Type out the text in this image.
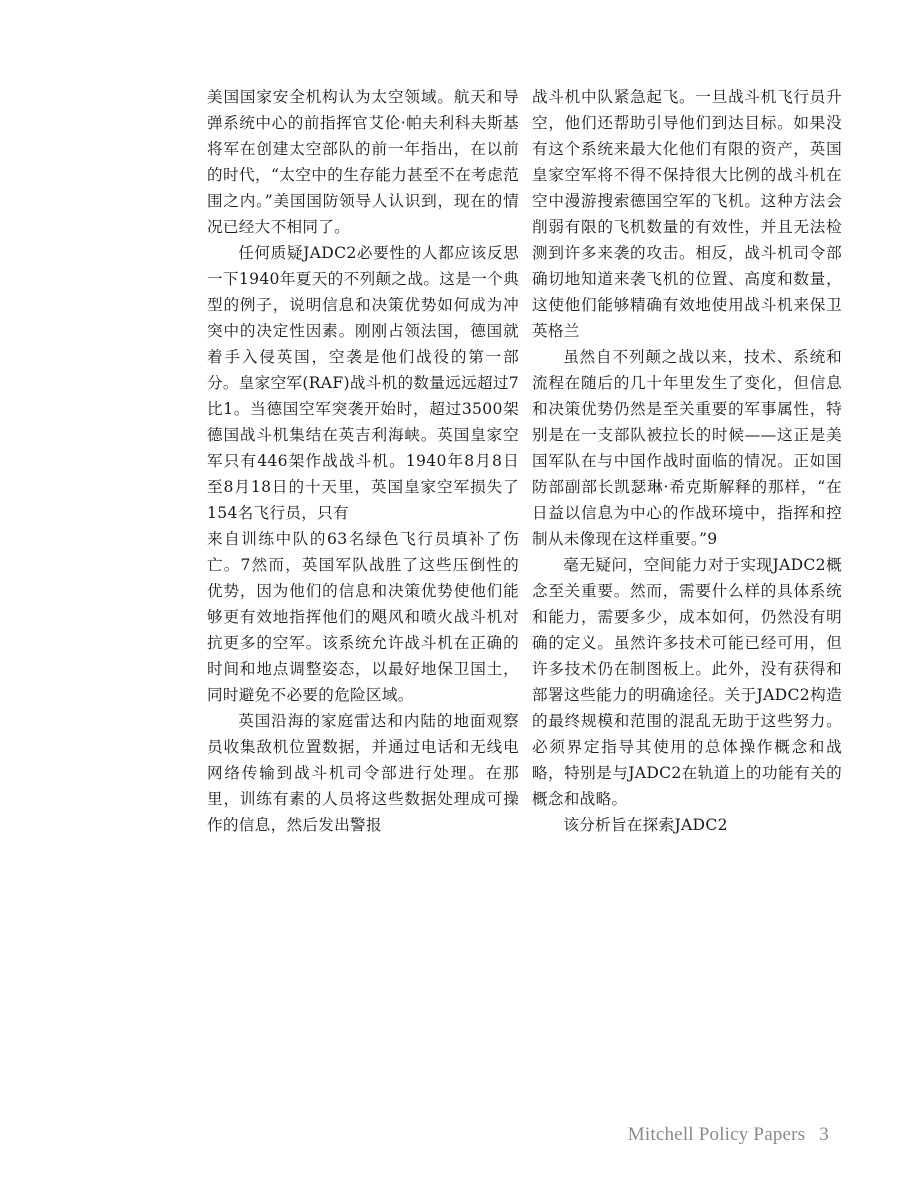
美国国家安全机构认为太空领域。航天和导弹系统中心的前指挥官艾伦·帕夫利科夫斯基将军在创建太空部队的前一年指出，在以前的时代，“太空中的生存能力甚至不在考虑范围之内。”美国国防领导人认识到，现在的情况已经大不相同了。

任何质疑JADC2必要性的人都应该反思一下1940年夏天的不列颠之战。这是一个典型的例子，说明信息和决策优势如何成为冲突中的决定性因素。刚刚占领法国，德国就着手入侵英国，空袭是他们战役的第一部分。皇家空军(RAF)战斗机的数量远远超过7比1。当德国空军突袭开始时，超过3500架德国战斗机集结在英吉利海峡。英国皇家空军只有446架作战战斗机。1940年8月8日至8月18日的十天里，英国皇家空军损失了154名飞行员，只有

来自训练中队的63名绿色飞行员填补了伤亡。7然而，英国军队战胜了这些压倒性的优势，因为他们的信息和决策优势使他们能够更有效地指挥他们的飓风和喷火战斗机对抗更多的空军。该系统允许战斗机在正确的时间和地点调整姿态，以最好地保卫国土，同时避免不必要的危险区域。

英国沿海的家庭雷达和内陆的地面观察员收集敌机位置数据，并通过电话和无线电网络传输到战斗机司令部进行处理。在那里，训练有素的人员将这些数据处理成可操作的信息，然后发出警报

战斗机中队紧急起飞。一旦战斗机飞行员升空，他们还帮助引导他们到达目标。如果没有这个系统来最大化他们有限的资产，英国皇家空军将不得不保持很大比例的战斗机在空中漫游搜索德国空军的飞机。这种方法会削弱有限的飞机数量的有效性，并且无法检测到许多来袭的攻击。相反，战斗机司令部确切地知道来袭飞机的位置、高度和数量，这使他们能够精确有效地使用战斗机来保卫英格兰

虽然自不列颠之战以来，技术、系统和流程在随后的几十年里发生了变化，但信息和决策优势仍然是至关重要的军事属性，特别是在一支部队被拉长的时候——这正是美国军队在与中国作战时面临的情况。正如国防部副部长凯瑟琳·希克斯解释的那样，“在日益以信息为中心的作战环境中，指挥和控制从未像现在这样重要。”9

毫无疑问，空间能力对于实现JADC2概念至关重要。然而，需要什么样的具体系统和能力，需要多少，成本如何，仍然没有明确的定义。虽然许多技术可能已经可用，但许多技术仍在制图板上。此外，没有获得和部署这些能力的明确途径。关于JADC2构造的最终规模和范围的混乱无助于这些努力。必须界定指导其使用的总体操作概念和战略，特别是与JADC2在轨道上的功能有关的概念和战略。

该分析旨在探索JADC2

Mitchell Policy Papers 3
